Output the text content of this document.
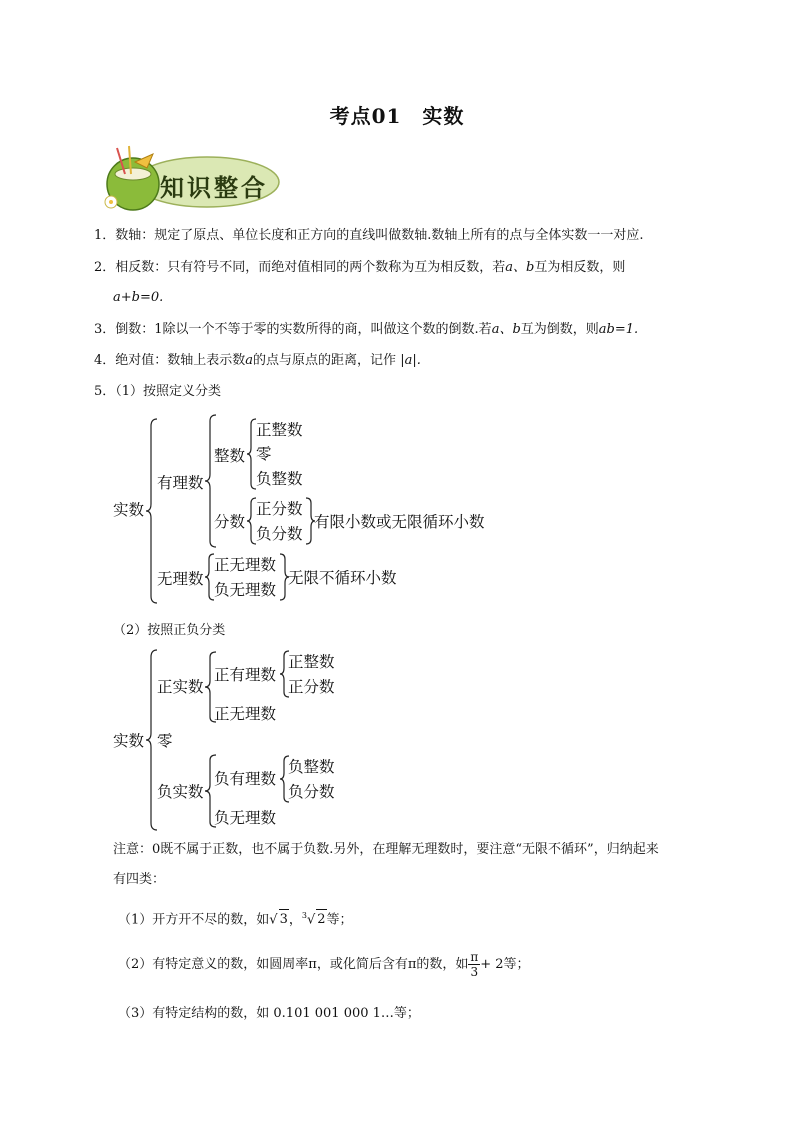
考点01　实数
知识整合
1．数轴：规定了原点、单位长度和正方向的直线叫做数轴.数轴上所有的点与全体实数一一对应.
2．相反数：只有符号不同，而绝对值相同的两个数称为互为相反数，若a、b互为相反数，则
a+b=0.
3．倒数：1除以一个不等于零的实数所得的商，叫做这个数的倒数.若a、b互为倒数，则ab=1.
4．绝对值：数轴上表示数a的点与原点的距离，记作 |a|.
5．（1）按照定义分类
实数
有理数
整数
正整数
零
负整数
分数
正分数
负分数
有限小数或无限循环小数
无理数
正无理数
负无理数
无限不循环小数
（2）按照正负分类
实数 零
正实数
正有理数
正整数
正分数
正无理数
负实数
负有理数
负整数
负分数
负无理数
注意：0既不属于正数，也不属于负数.另外，在理解无理数时，要注意“无限不循环”，归纳起来
有四类：
（1）开方开不尽的数，如√ 3，$^3$√ 2等；
（2）有特定意义的数，如圆周率π，或化简后含有π的数，如 $\frac{\pi}{3} + 2$等；
（3）有特定结构的数，如 0.101 001 000 1…等；
